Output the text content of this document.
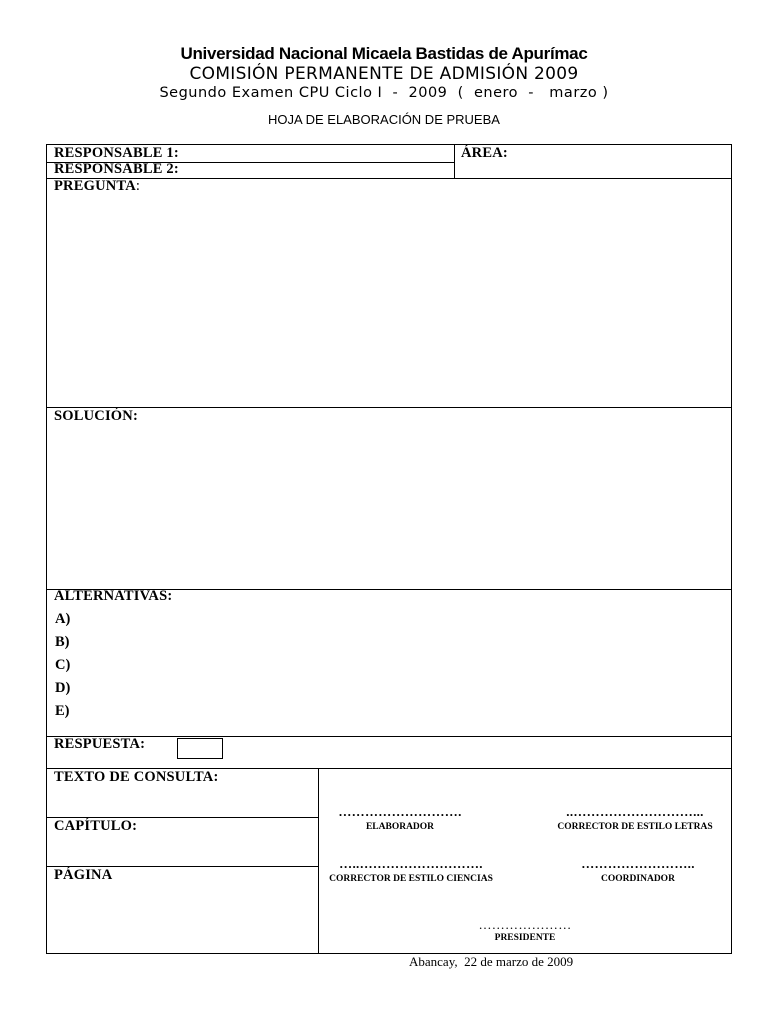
Universidad Nacional Micaela Bastidas de Apurímac
COMISIÓN PERMANENTE DE ADMISIÓN 2009
Segundo Examen CPU Ciclo I  -  2009  (  enero  -   marzo )
HOJA DE ELABORACIÓN DE PRUEBA
RESPONSABLE 1:
RESPONSABLE 2:
ÁREA:
PREGUNTA:
SOLUCIÓN:
ALTERNATIVAS:
A)
B)
C)
D)
E)
RESPUESTA:
TEXTO DE CONSULTA:
CAPÍTULO:
PÁGINA
……………………….
ELABORADOR
..………………………...
CORRECTOR DE ESTILO LETRAS
…..……………………….
CORRECTOR DE ESTILO CIENCIAS
……………………..
COORDINADOR
…………………
PRESIDENTE
Abancay,  22 de marzo de 2009
